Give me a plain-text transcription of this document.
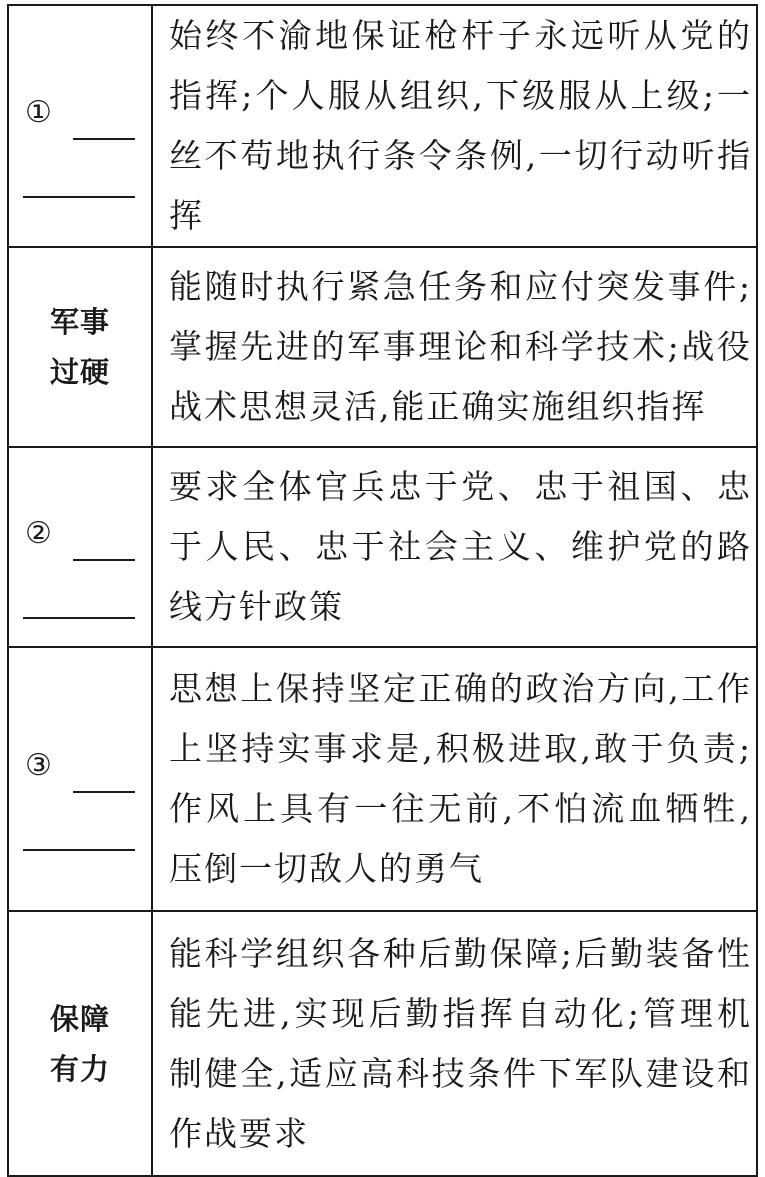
①	始终不渝地保证枪杆子永远听从党的指挥;个人服从组织,下级服从上级;一丝不苟地执行条令条例,一切行动听指挥

军事
过硬	能随时执行紧急任务和应付突发事件;掌握先进的军事理论和科学技术;战役战术思想灵活,能正确实施组织指挥

②	要求全体官兵忠于党、忠于祖国、忠于人民、忠于社会主义、维护党的路线方针政策

③	思想上保持坚定正确的政治方向,工作上坚持实事求是,积极进取,敢于负责;作风上具有一往无前,不怕流血牺牲,压倒一切敌人的勇气

保障
有力	能科学组织各种后勤保障;后勤装备性能先进,实现后勤指挥自动化;管理机制健全,适应高科技条件下军队建设和作战要求
